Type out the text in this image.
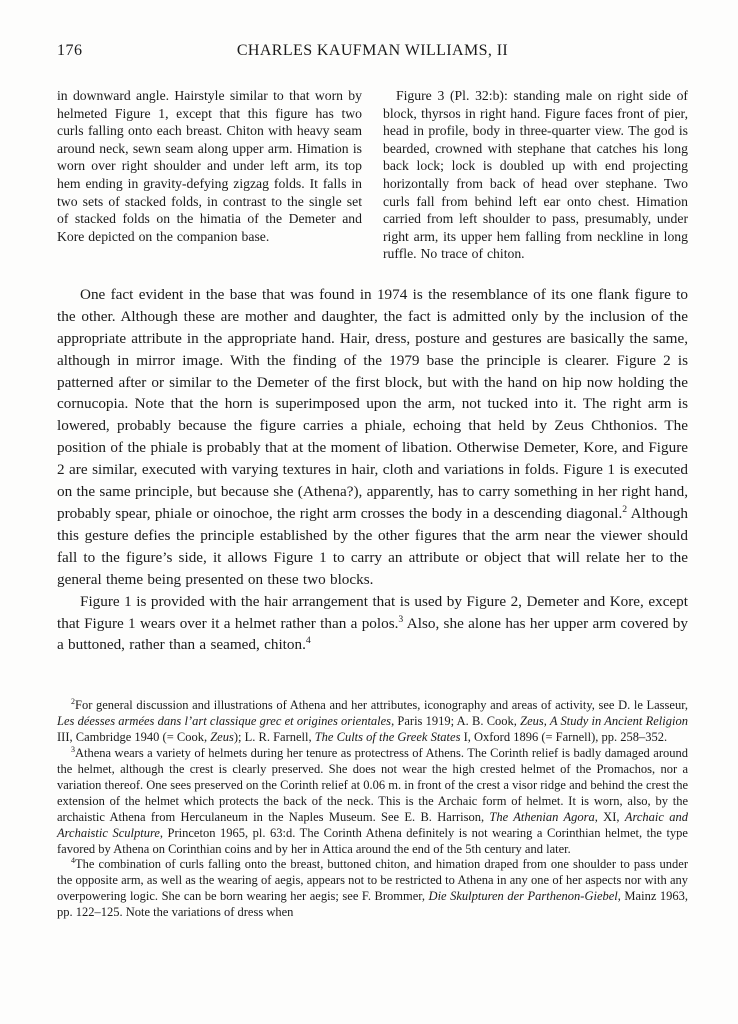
176	CHARLES KAUFMAN WILLIAMS, II

in downward angle. Hairstyle similar to that worn by helmeted Figure 1, except that this figure has two curls falling onto each breast. Chiton with heavy seam around neck, sewn seam along upper arm. Himation is worn over right shoulder and under left arm, its top hem ending in gravity-defying zigzag folds. It falls in two sets of stacked folds, in contrast to the single set of stacked folds on the himatia of the Demeter and Kore depicted on the companion base.

Figure 3 (Pl. 32:b): standing male on right side of block, thyrsos in right hand. Figure faces front of pier, head in profile, body in three-quarter view. The god is bearded, crowned with stephane that catches his long back lock; lock is doubled up with end projecting horizontally from back of head over stephane. Two curls fall from behind left ear onto chest. Himation carried from left shoulder to pass, presumably, under right arm, its upper hem falling from neckline in long ruffle. No trace of chiton.

One fact evident in the base that was found in 1974 is the resemblance of its one flank figure to the other. Although these are mother and daughter, the fact is admitted only by the inclusion of the appropriate attribute in the appropriate hand. Hair, dress, posture and gestures are basically the same, although in mirror image. With the finding of the 1979 base the principle is clearer. Figure 2 is patterned after or similar to the Demeter of the first block, but with the hand on hip now holding the cornucopia. Note that the horn is superimposed upon the arm, not tucked into it. The right arm is lowered, probably because the figure carries a phiale, echoing that held by Zeus Chthonios. The position of the phiale is probably that at the moment of libation. Otherwise Demeter, Kore, and Figure 2 are similar, executed with varying textures in hair, cloth and variations in folds. Figure 1 is executed on the same principle, but because she (Athena?), apparently, has to carry something in her right hand, probably spear, phiale or oinochoe, the right arm crosses the body in a descending diagonal.$^2$ Although this gesture defies the principle established by the other figures that the arm near the viewer should fall to the figure’s side, it allows Figure 1 to carry an attribute or object that will relate her to the general theme being presented on these two blocks.

Figure 1 is provided with the hair arrangement that is used by Figure 2, Demeter and Kore, except that Figure 1 wears over it a helmet rather than a polos.$^3$ Also, she alone has her upper arm covered by a buttoned, rather than a seamed, chiton.$^4$

$^2$For general discussion and illustrations of Athena and her attributes, iconography and areas of activity, see D. le Lasseur, Les déesses armées dans l’art classique grec et origines orientales, Paris 1919; A. B. Cook, Zeus, A Study in Ancient Religion III, Cambridge 1940 (= Cook, Zeus); L. R. Farnell, The Cults of the Greek States I, Oxford 1896 (= Farnell), pp. 258–352.

$^3$Athena wears a variety of helmets during her tenure as protectress of Athens. The Corinth relief is badly damaged around the helmet, although the crest is clearly preserved. She does not wear the high crested helmet of the Promachos, nor a variation thereof. One sees preserved on the Corinth relief at 0.06 m. in front of the crest a visor ridge and behind the crest the extension of the helmet which protects the back of the neck. This is the Archaic form of helmet. It is worn, also, by the archaistic Athena from Herculaneum in the Naples Museum. See E. B. Harrison, The Athenian Agora, XI, Archaic and Archaistic Sculpture, Princeton 1965, pl. 63:d. The Corinth Athena definitely is not wearing a Corinthian helmet, the type favored by Athena on Corinthian coins and by her in Attica around the end of the 5th century and later.

$^4$The combination of curls falling onto the breast, buttoned chiton, and himation draped from one shoulder to pass under the opposite arm, as well as the wearing of aegis, appears not to be restricted to Athena in any one of her aspects nor with any overpowering logic. She can be born wearing her aegis; see F. Brommer, Die Skulpturen der Parthenon-Giebel, Mainz 1963, pp. 122–125. Note the variations of dress when
